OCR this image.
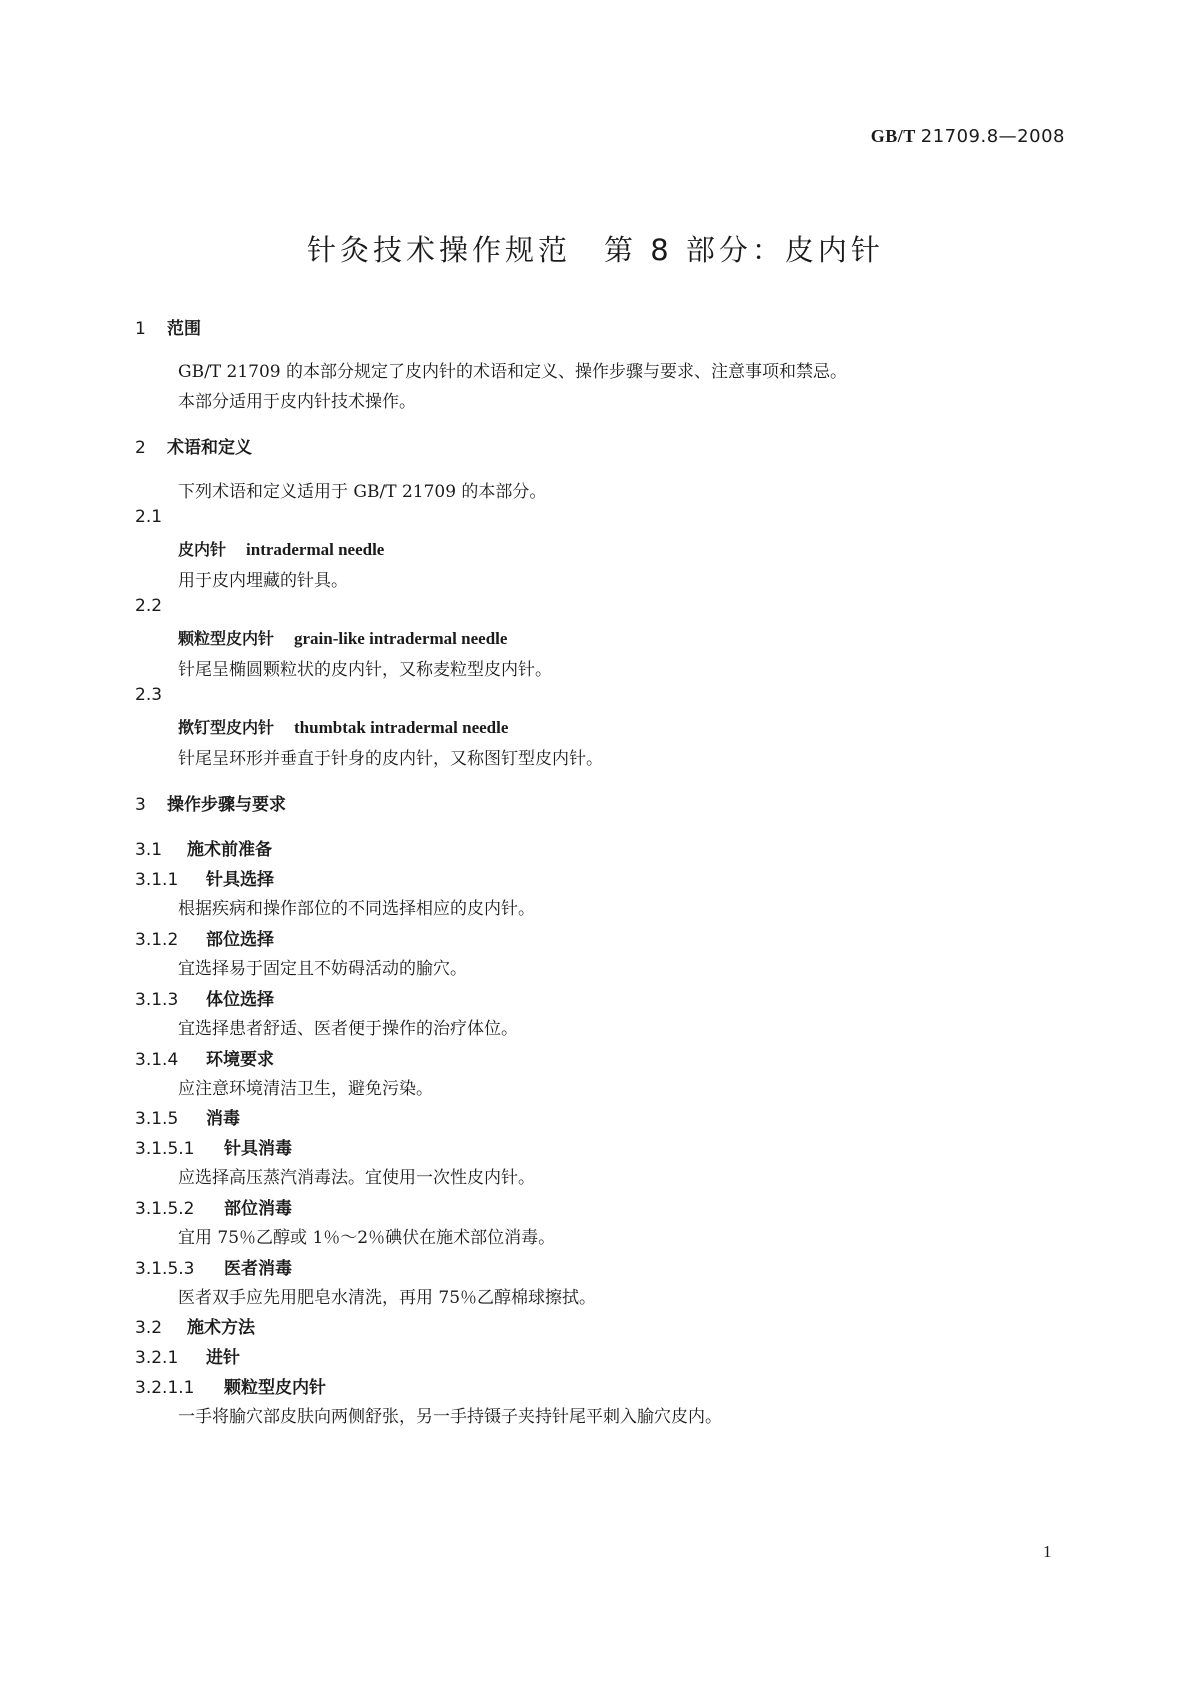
GB/T 21709.8—2008
针灸技术操作规范　第 8 部分：皮内针
1 范围
GB/T 21709 的本部分规定了皮内针的术语和定义、操作步骤与要求、注意事项和禁忌。
本部分适用于皮内针技术操作。
2 术语和定义
下列术语和定义适用于 GB/T 21709 的本部分。
2.1
皮内针 intradermal needle
用于皮内埋藏的针具。
2.2
颗粒型皮内针 grain-like intradermal needle
针尾呈椭圆颗粒状的皮内针，又称麦粒型皮内针。
2.3
揿钉型皮内针 thumbtak intradermal needle
针尾呈环形并垂直于针身的皮内针，又称图钉型皮内针。
3 操作步骤与要求
3.1 施术前准备
3.1.1 针具选择
根据疾病和操作部位的不同选择相应的皮内针。
3.1.2 部位选择
宜选择易于固定且不妨碍活动的腧穴。
3.1.3 体位选择
宜选择患者舒适、医者便于操作的治疗体位。
3.1.4 环境要求
应注意环境清洁卫生，避免污染。
3.1.5 消毒
3.1.5.1 针具消毒
应选择高压蒸汽消毒法。宜使用一次性皮内针。
3.1.5.2 部位消毒
宜用 75％乙醇或 1％～2％碘伏在施术部位消毒。
3.1.5.3 医者消毒
医者双手应先用肥皂水清洗，再用 75％乙醇棉球擦拭。
3.2 施术方法
3.2.1 进针
3.2.1.1 颗粒型皮内针
一手将腧穴部皮肤向两侧舒张，另一手持镊子夹持针尾平刺入腧穴皮内。
1
